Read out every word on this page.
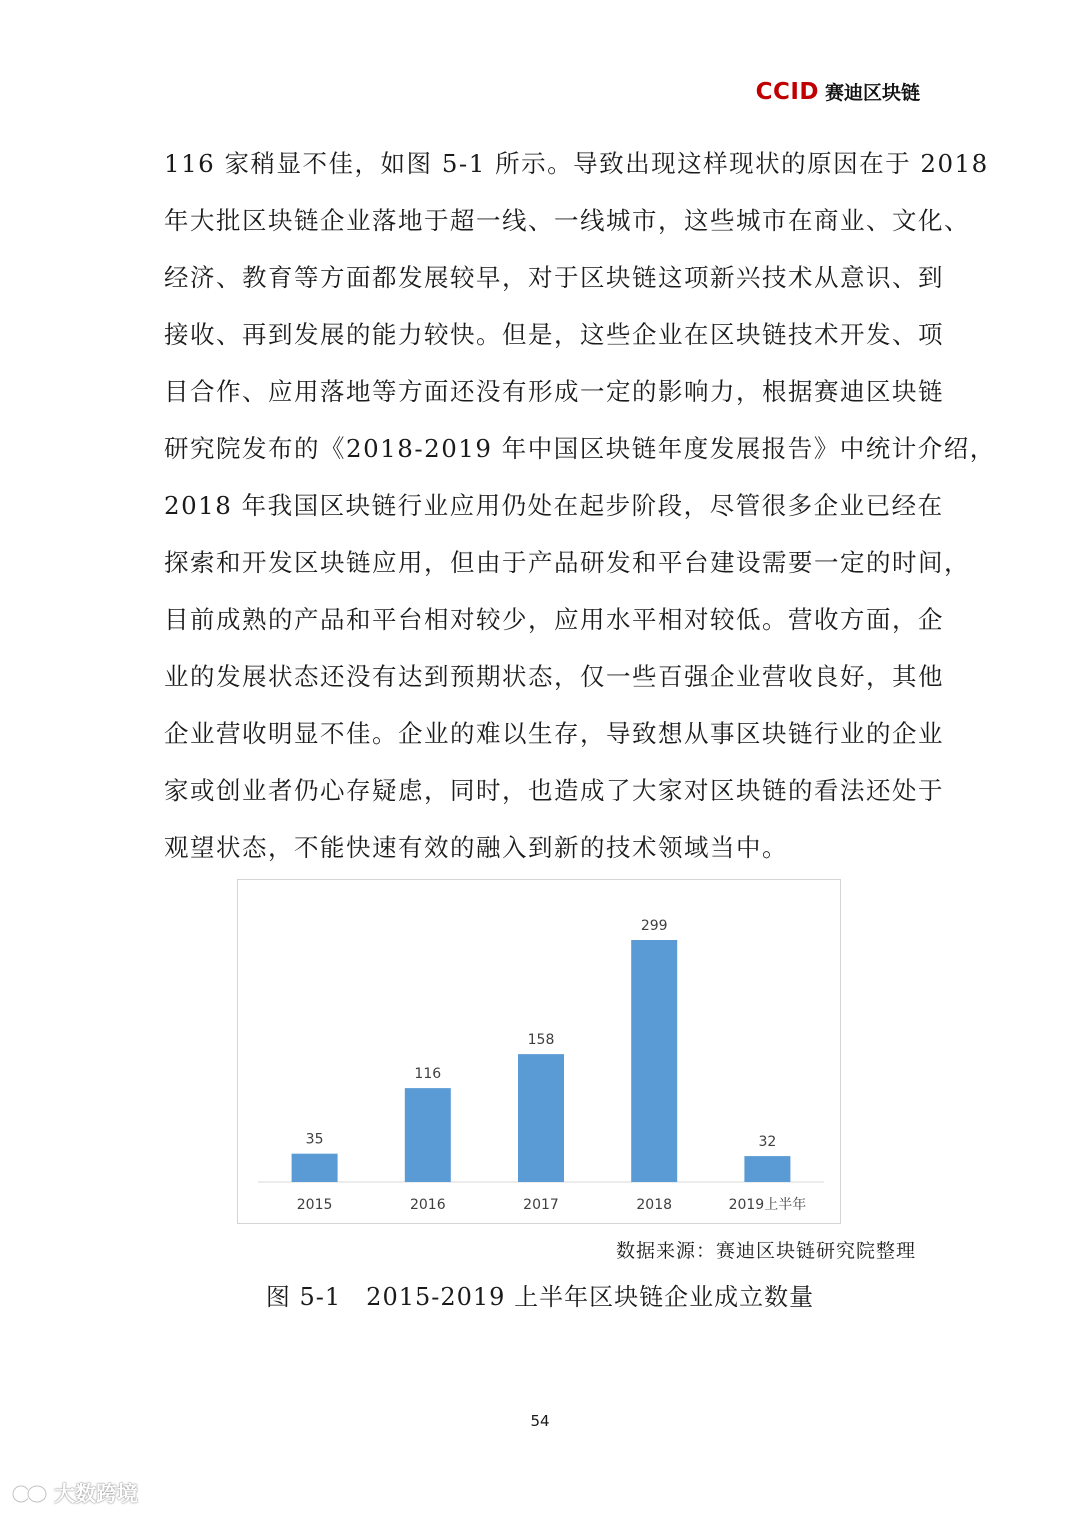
CCID 赛迪区块链
116 家稍显不佳，如图 5-1 所示。导致出现这样现状的原因在于 2018
年大批区块链企业落地于超一线、一线城市，这些城市在商业、文化、
经济、教育等方面都发展较早，对于区块链这项新兴技术从意识、到
接收、再到发展的能力较快。但是，这些企业在区块链技术开发、项
目合作、应用落地等方面还没有形成一定的影响力，根据赛迪区块链
研究院发布的《2018-2019 年中国区块链年度发展报告》中统计介绍，
2018 年我国区块链行业应用仍处在起步阶段，尽管很多企业已经在
探索和开发区块链应用，但由于产品研发和平台建设需要一定的时间，
目前成熟的产品和平台相对较少，应用水平相对较低。营收方面，企
业的发展状态还没有达到预期状态，仅一些百强企业营收良好，其他
企业营收明显不佳。企业的难以生存，导致想从事区块链行业的企业
家或创业者仍心存疑虑，同时，也造成了大家对区块链的看法还处于
观望状态，不能快速有效的融入到新的技术领域当中。
35
2015
116
2016
158
2017
299
2018
32
2019上半年
数据来源：赛迪区块链研究院整理
图 5-1　2015-2019 上半年区块链企业成立数量
54
大数跨境
